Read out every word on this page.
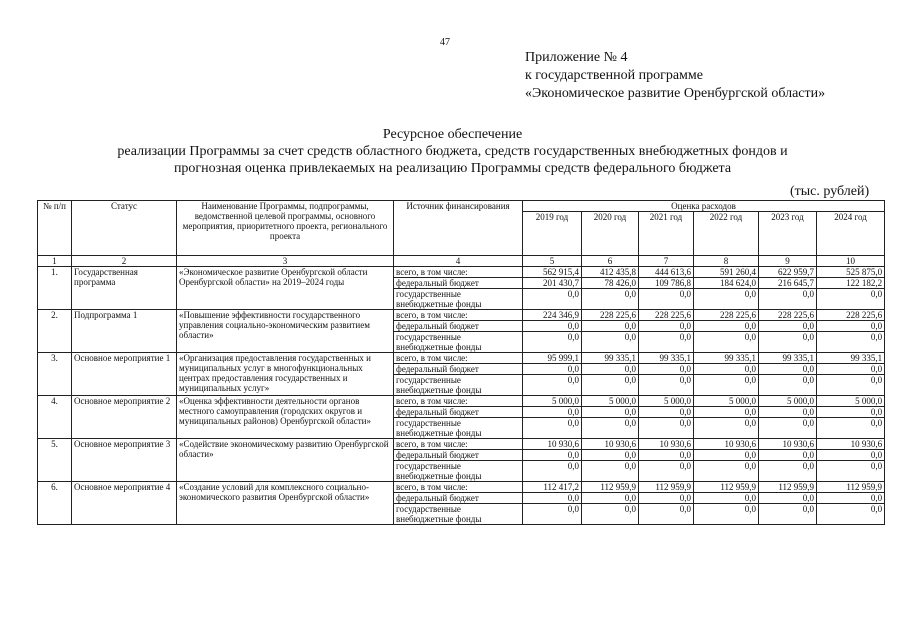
47
Приложение № 4
к государственной программе
«Экономическое развитие Оренбургской области»
Ресурсное обеспечение
реализации Программы за счет средств областного бюджета, средств государственных внебюджетных фондов и
прогнозная оценка привлекаемых на реализацию Программы средств федерального бюджета
(тыс. рублей)
№ п/п	Статус	Наименование Программы, подпрограммы, ведомственной целевой программы, основного мероприятия, приоритетного проекта, регионального проекта	Источник финансирования	Оценка расходов					
				2019 год	2020 год	2021 год	2022 год	2023 год	2024 год
1	2	3	4	5	6	7	8	9	10
1.	Государственная программа	«Экономическое развитие Оренбургской области Оренбургской области» на 2019–2024 годы	всего, в том числе:	562 915,4	412 435,8	444 613,6	591 260,4	622 959,7	525 875,0
			федеральный бюджет	201 430,7	78 426,0	109 786,8	184 624,0	216 645,7	122 182,2
			государственные внебюджетные фонды	0,0	0,0	0,0	0,0	0,0	0,0
2.	Подпрограмма 1	«Повышение эффективности государственного управления социально-экономическим развитием области»	всего, в том числе:	224 346,9	228 225,6	228 225,6	228 225,6	228 225,6	228 225,6
			федеральный бюджет	0,0	0,0	0,0	0,0	0,0	0,0
			государственные внебюджетные фонды	0,0	0,0	0,0	0,0	0,0	0,0
3.	Основное мероприятие 1	«Организация предоставления государственных и муниципальных услуг в многофункциональных центрах предоставления государственных и муниципальных услуг»	всего, в том числе:	95 999,1	99 335,1	99 335,1	99 335,1	99 335,1	99 335,1
			федеральный бюджет	0,0	0,0	0,0	0,0	0,0	0,0
			государственные внебюджетные фонды	0,0	0,0	0,0	0,0	0,0	0,0
4.	Основное мероприятие 2	«Оценка эффективности деятельности органов местного самоуправления (городских округов и муниципальных районов) Оренбургской области»	всего, в том числе:	5 000,0	5 000,0	5 000,0	5 000,0	5 000,0	5 000,0
			федеральный бюджет	0,0	0,0	0,0	0,0	0,0	0,0
			государственные внебюджетные фонды	0,0	0,0	0,0	0,0	0,0	0,0
5.	Основное мероприятие 3	«Содействие экономическому развитию Оренбургской области»	всего, в том числе:	10 930,6	10 930,6	10 930,6	10 930,6	10 930,6	10 930,6
			федеральный бюджет	0,0	0,0	0,0	0,0	0,0	0,0
			государственные внебюджетные фонды	0,0	0,0	0,0	0,0	0,0	0,0
6.	Основное мероприятие 4	«Создание условий для комплексного социально-экономического развития Оренбургской области»	всего, в том числе:	112 417,2	112 959,9	112 959,9	112 959,9	112 959,9	112 959,9
			федеральный бюджет	0,0	0,0	0,0	0,0	0,0	0,0
			государственные внебюджетные фонды	0,0	0,0	0,0	0,0	0,0	0,0
